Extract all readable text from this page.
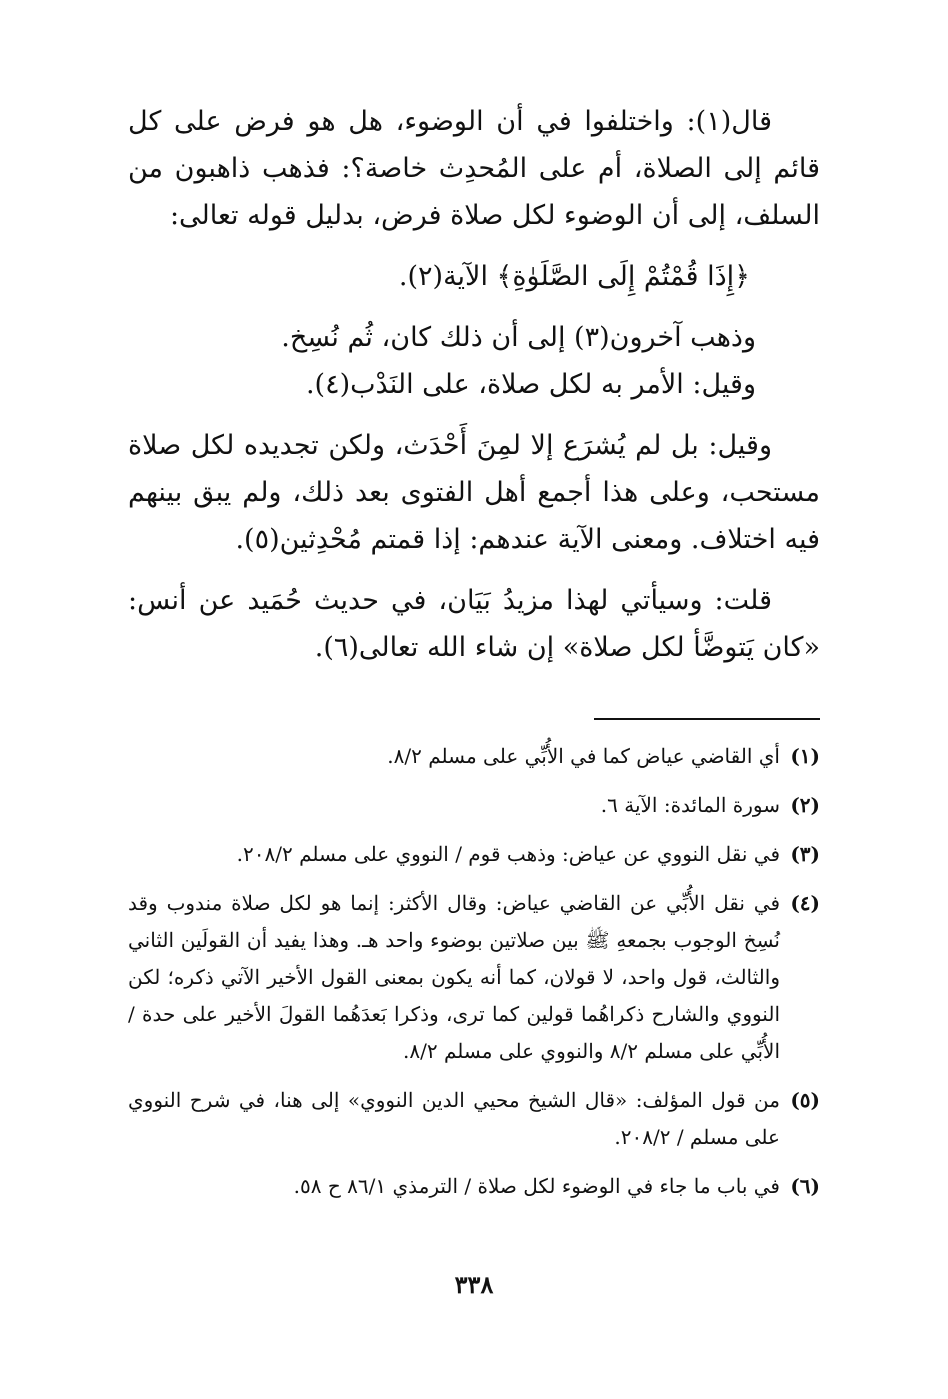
قال(١): واختلفوا في أن الوضوء، هل هو فرض على كل قائم إلى الصلاة، أم على المُحدِث خاصة؟: فذهب ذاهبون من السلف، إلى أن الوضوء لكل صلاة فرض، بدليل قوله تعالى:

﴿إِذَا قُمْتُمْ إِلَى الصَّلَوٰةِ﴾ الآية(٢).

وذهب آخرون(٣) إلى أن ذلك كان، ثُم نُسِخ.

وقيل: الأمر به لكل صلاة، على النَدْب(٤).

وقيل: بل لم يُشرَع إلا لمِنَ أَحْدَث، ولكن تجديده لكل صلاة مستحب، وعلى هذا أجمع أهل الفتوى بعد ذلك، ولم يبق بينهم فيه اختلاف. ومعنى الآية عندهم: إذا قمتم مُحْدِثين(٥).

قلت: وسيأتي لهذا مزيدُ بَيَان، في حديث حُمَيد عن أنس: «كان يَتوضَّأ لكل صلاة» إن شاء الله تعالى(٦).

(١)
أي القاضي عياض كما في الأُبِّي على مسلم ٨/٢.
(٢)
سورة المائدة: الآية ٦.
(٣)
في نقل النووي عن عياض: وذهب قوم / النووي على مسلم ٢٠٨/٢.
(٤)
في نقل الأُبِّي عن القاضي عياض: وقال الأكثر: إنما هو لكل صلاة مندوب وقد نُسِخ الوجوب بجمعهِ ﷺ بين صلاتين بوضوء واحد هـ. وهذا يفيد أن القولَين الثاني والثالث، قول واحد، لا قولان، كما أنه يكون بمعنى القول الأخير الآتي ذكره؛ لكن النووي والشارح ذكراهُما قولين كما ترى، وذكرا بَعدَهُما القولَ الأخير على حدة / الأُبِّي على مسلم ٨/٢ والنووي على مسلم ٨/٢.
(٥)
من قول المؤلف: «قال الشيخ محيي الدين النووي» إلى هنا، في شرح النووي على مسلم / ٢٠٨/٢.
(٦)
في باب ما جاء في الوضوء لكل صلاة / الترمذي ٨٦/١ ح ٥٨.
٣٣٨
